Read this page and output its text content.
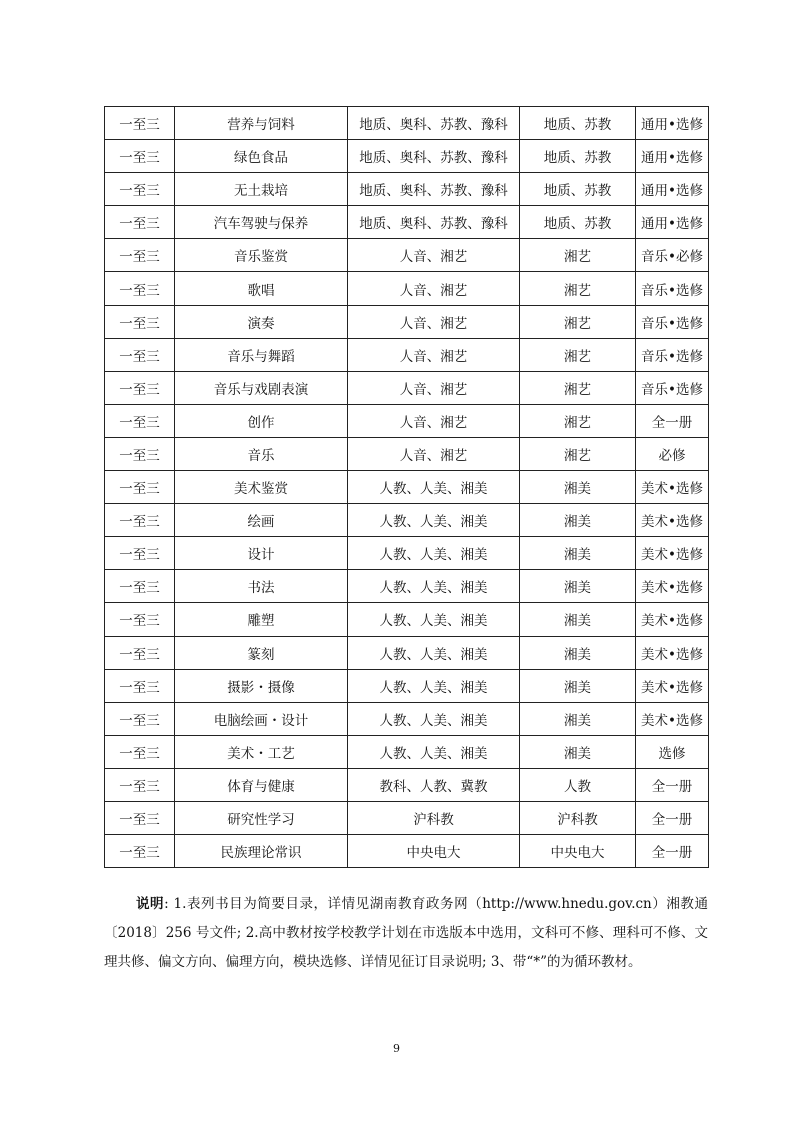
一至三	营养与饲料	地质、奥科、苏教、豫科	地质、苏教	通用•选修
一至三	绿色食品	地质、奥科、苏教、豫科	地质、苏教	通用•选修
一至三	无土栽培	地质、奥科、苏教、豫科	地质、苏教	通用•选修
一至三	汽车驾驶与保养	地质、奥科、苏教、豫科	地质、苏教	通用•选修
一至三	音乐鉴赏	人音、湘艺	湘艺	音乐•必修
一至三	歌唱	人音、湘艺	湘艺	音乐•选修
一至三	演奏	人音、湘艺	湘艺	音乐•选修
一至三	音乐与舞蹈	人音、湘艺	湘艺	音乐•选修
一至三	音乐与戏剧表演	人音、湘艺	湘艺	音乐•选修
一至三	创作	人音、湘艺	湘艺	全一册
一至三	音乐	人音、湘艺	湘艺	必修
一至三	美术鉴赏	人教、人美、湘美	湘美	美术•选修
一至三	绘画	人教、人美、湘美	湘美	美术•选修
一至三	设计	人教、人美、湘美	湘美	美术•选修
一至三	书法	人教、人美、湘美	湘美	美术•选修
一至三	雕塑	人教、人美、湘美	湘美	美术•选修
一至三	篆刻	人教、人美、湘美	湘美	美术•选修
一至三	摄影・摄像	人教、人美、湘美	湘美	美术•选修
一至三	电脑绘画・设计	人教、人美、湘美	湘美	美术•选修
一至三	美术・工艺	人教、人美、湘美	湘美	选修
一至三	体育与健康	教科、人教、冀教	人教	全一册
一至三	研究性学习	沪科教	沪科教	全一册
一至三	民族理论常识	中央电大	中央电大	全一册

说明: 1.表列书目为简要目录，详情见湖南教育政务网（http://www.hnedu.gov.cn）湘教通〔2018〕256 号文件; 2.高中教材按学校教学计划在市选版本中选用，文科可不修、理科可不修、文理共修、偏文方向、偏理方向，模块选修、详情见征订目录说明; 3、带“*”的为循环教材。

9
